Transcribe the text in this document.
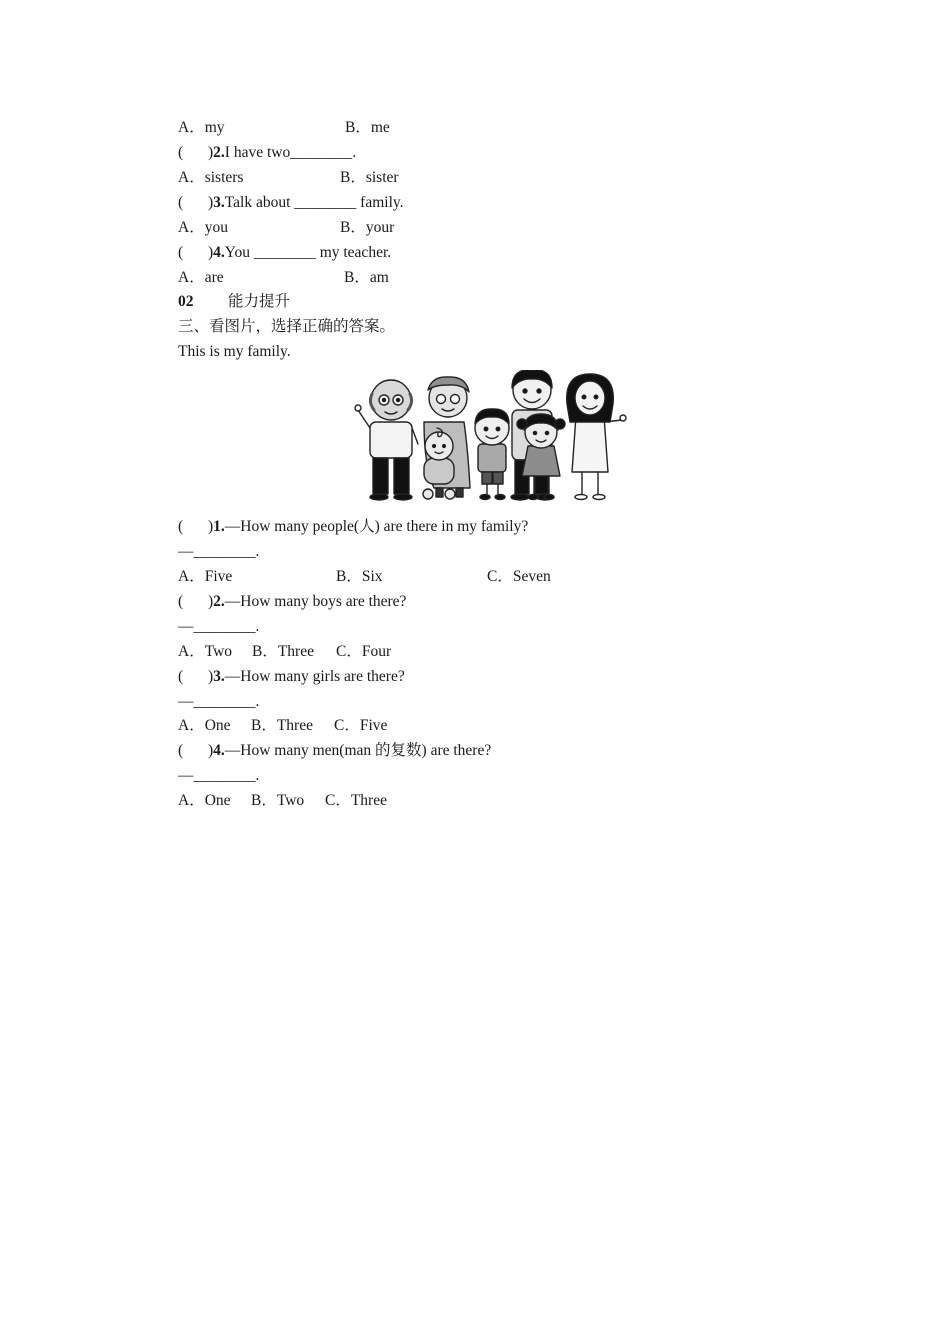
A．my	B．me
( )2.I have two________.
A．sisters	B．sister
( )3.Talk about ________ family.
A．you	B．your
( )4.You ________ my teacher.
A．are	B．am
02 能力提升
三、看图片，选择正确的答案。
This is my family.
( )1.—How many people(人) are there in my family?
—________.
A．Five	B．Six	C．Seven
( )2.—How many boys are there?
—________.
A．Two B．Three C．Four
( )3.—How many girls are there?
—________.
A．One B．Three C．Five
( )4.—How many men(man 的复数) are there?
—________.
A．One B．Two C．Three
